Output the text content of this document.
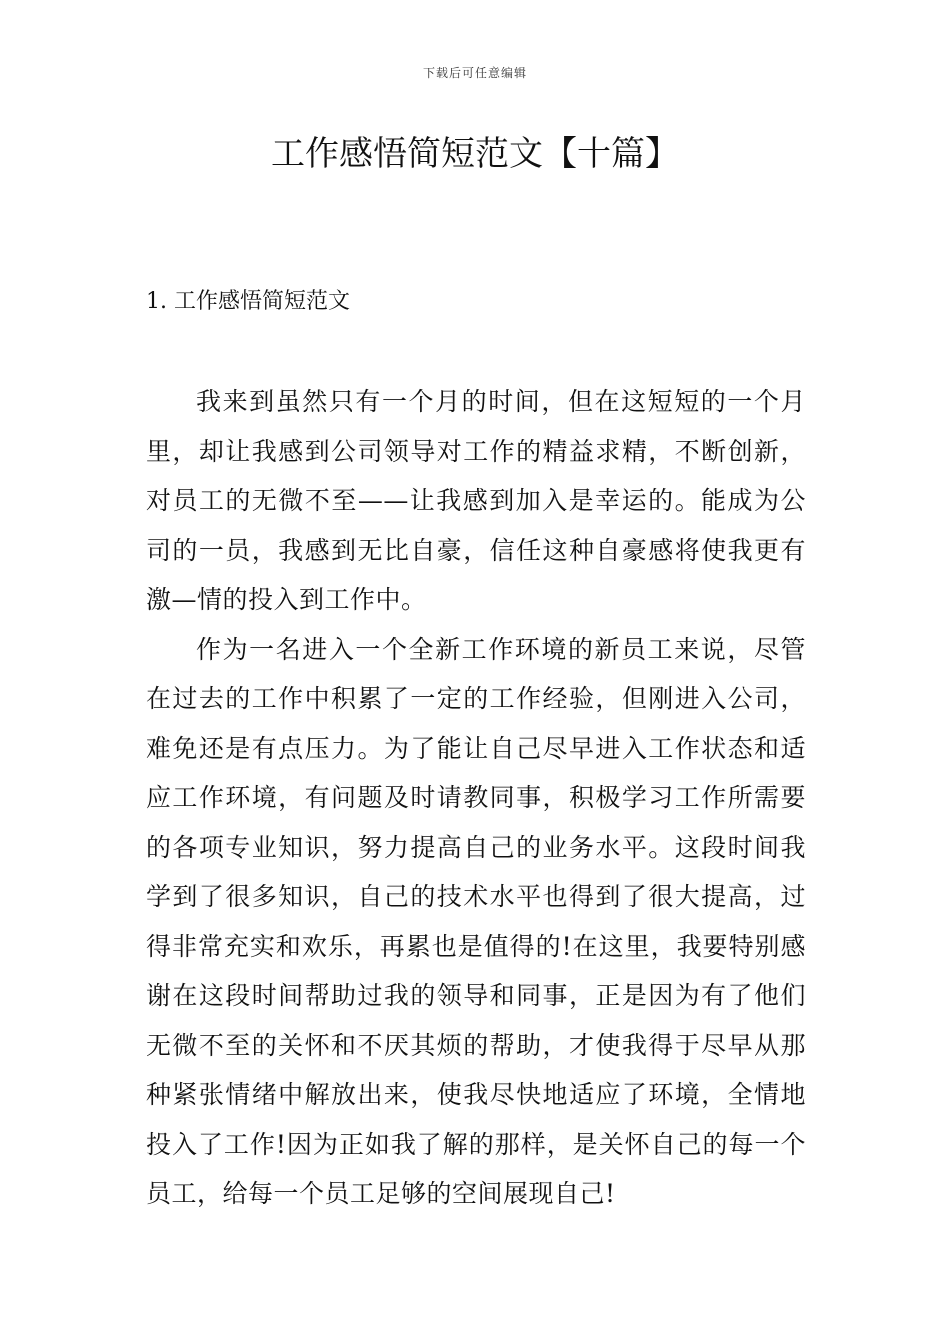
下载后可任意编辑
工作感悟简短范文【十篇】
1. 工作感悟简短范文

我来到虽然只有一个月的时间，但在这短短的一个月里，却让我感到公司领导对工作的精益求精，不断创新，对员工的无微不至——让我感到加入是幸运的。能成为公司的一员，我感到无比自豪，信任这种自豪感将使我更有激—情的投入到工作中。

作为一名进入一个全新工作环境的新员工来说，尽管在过去的工作中积累了一定的工作经验，但刚进入公司，难免还是有点压力。为了能让自己尽早进入工作状态和适应工作环境，有问题及时请教同事，积极学习工作所需要的各项专业知识，努力提高自己的业务水平。这段时间我学到了很多知识，自己的技术水平也得到了很大提高，过得非常充实和欢乐，再累也是值得的!在这里，我要特别感谢在这段时间帮助过我的领导和同事，正是因为有了他们无微不至的关怀和不厌其烦的帮助，才使我得于尽早从那种紧张情绪中解放出来，使我尽快地适应了环境，全情地投入了工作!因为正如我了解的那样，是关怀自己的每一个员工，给每一个员工足够的空间展现自己!
